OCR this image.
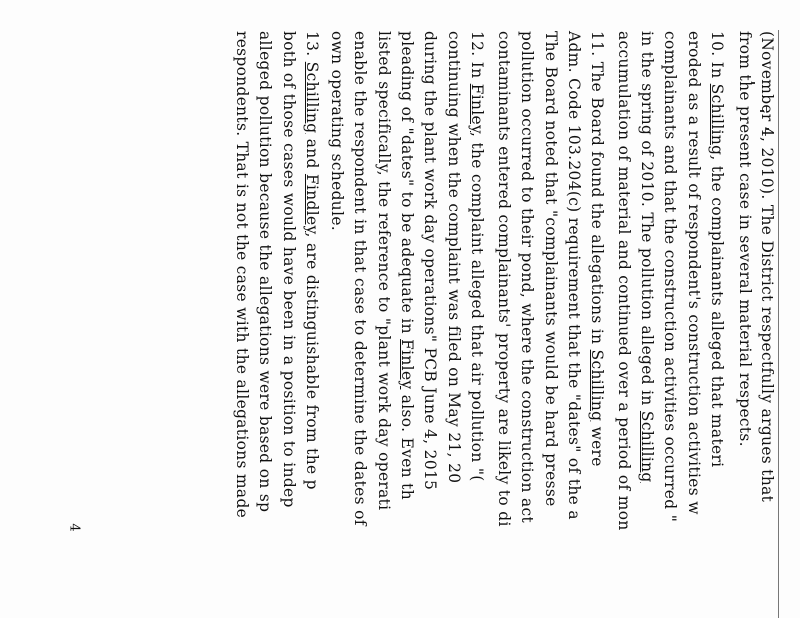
(November 4, 2010). The District respectfully argues that
from the present case in several material respects.
10. In Schilling, the complainants alleged that materi
eroded as a result of respondent's construction activities w
complainants and that the construction activities occurred "
in the spring of 2010. The pollution alleged in Schilling
accumulation of material and continued over a period of mon
11. The Board found the allegations in Schilling were
Adm. Code 103.204(c) requirement that the "dates" of the a
The Board noted that "complainants would be hard presse
pollution occurred to their pond, where the construction act
contaminants entered complainants' property are likely to di
12. In Finley, the complaint alleged that air pollution "(
continuing when the complaint was filed on May 21, 20
during the plant work day operations" PCB June 4, 2015
pleading of "dates" to be adequate in Finley also. Even th
listed specifically, the reference to "plant work day operati
enable the respondent in that case to determine the dates of
own operating schedule.
13. Schilling and Findley, are distinguishable from the p
both of those cases would have been in a position to indep
alleged pollution because the allegations were based on sp
respondents. That is not the case with the allegations made
4
